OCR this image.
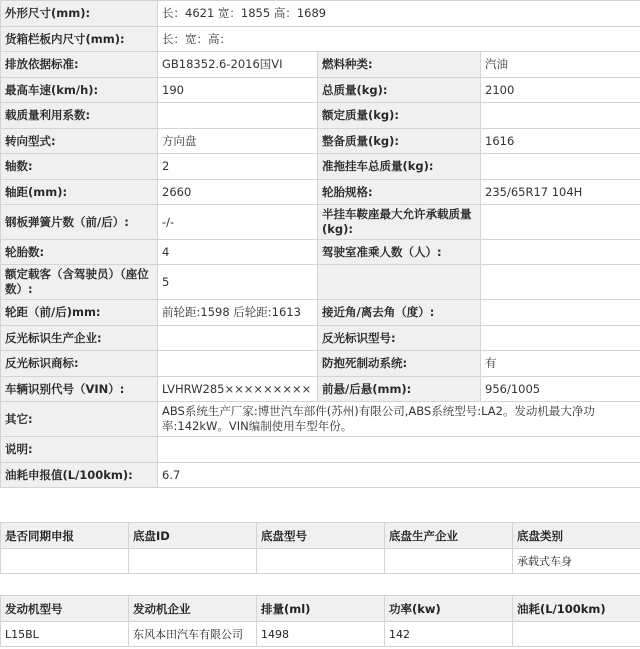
外形尺寸(mm):	长：4621 宽：1855 高：1689		
货箱栏板内尺寸(mm):	长：宽：高：		
排放依据标准:	GB18352.6-2016国VI	燃料种类:	汽油
最高车速(km/h):	190	总质量(kg):	2100
载质量利用系数:		额定质量(kg):	
转向型式:	方向盘	整备质量(kg):	1616
轴数:	2	准拖挂车总质量(kg):	
轴距(mm):	2660	轮胎规格:	235/65R17 104H
钢板弹簧片数（前/后）:	-/-	半挂车鞍座最大允许承载质量(kg):	
轮胎数:	4	驾驶室准乘人数（人）:	
额定载客（含驾驶员）（座位数）:	5		
轮距（前/后)mm:	前轮距:1598 后轮距:1613	接近角/离去角（度）:	
反光标识生产企业:		反光标识型号:	
反光标识商标:		防抱死制动系统:	有
车辆识别代号（VIN）:	LVHRW285×××××××××	前悬/后悬(mm):	956/1005
其它:	ABS系统生产厂家:博世汽车部件(苏州)有限公司,ABS系统型号:LA2。发动机最大净功率:142kW。VIN编制使用车型年份。		
说明:			
油耗申报值(L/100km):	6.7		
是否同期申报	底盘ID	底盘型号	底盘生产企业	底盘类别
				承载式车身
发动机型号	发动机企业	排量(ml)	功率(kw)	油耗(L/100km)
L15BL	东风本田汽车有限公司	1498	142	
